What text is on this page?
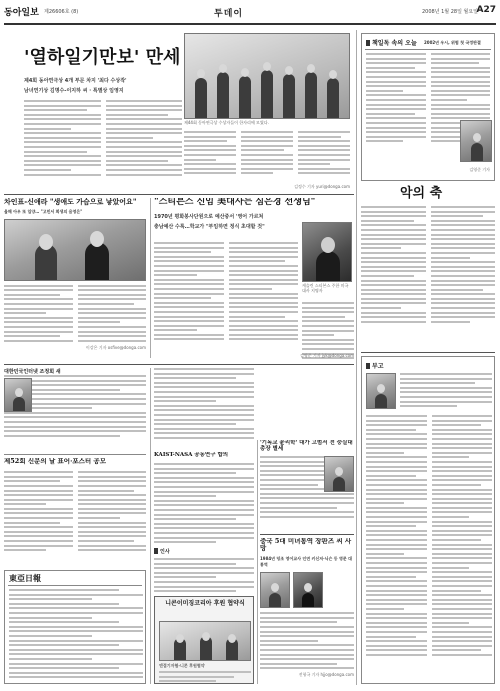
동아일보 제26606호 (8)	투데이	2008년 1월 28일 월요일
A27
'열하일기만보' 만세
제4회 동아연극상 4개 부문 차지 '최다 수상작'
남녀연기상 김명수-이지하 씨 · 특별상 임영지
제44회 동아연극상 수상자들이 한자리에 모였다.
김정수 기자 yuri@donga.com
책일독 속의 오늘 2002년 우시, 위험 첫 국정판결
김영준 기자
악의 축
차인표-신애라 "생애도 가슴으로 낳았어요"
올해 아우 또 입양… "고민서 희생의 음영은"
이강은 기자 osfive@donga.com
"스티븐스 신임 美대사는 심은경 선생님"
1970년 평화봉사단원으로 예산중서 '영어 가르쳐
충남예산 수록…학교가 "부임하면 정식 초대할 것"
캐슬린 스티븐스 주한 미국대사 지명자
김영준 기자 jyk@donga.com
대한민국인터넷 조정회 새
제52회 신문의 날 표어·포스터 공모
東亞日報
KAIST-NASA 공동연구 합의
인사
니콘이미징코리아 후원 협약식
엔접기자협-니콘 후원협약
'기독교 윤리학' 대가 고범서 전 숭실대 총장 별세
중국 5대 미녀통역 장판즈 씨 사망
1984년 덩조 영어교사 인연 키신저·닉슨 등 영문 대 통역
전형국 기자 hjjo@donga.com
부고
